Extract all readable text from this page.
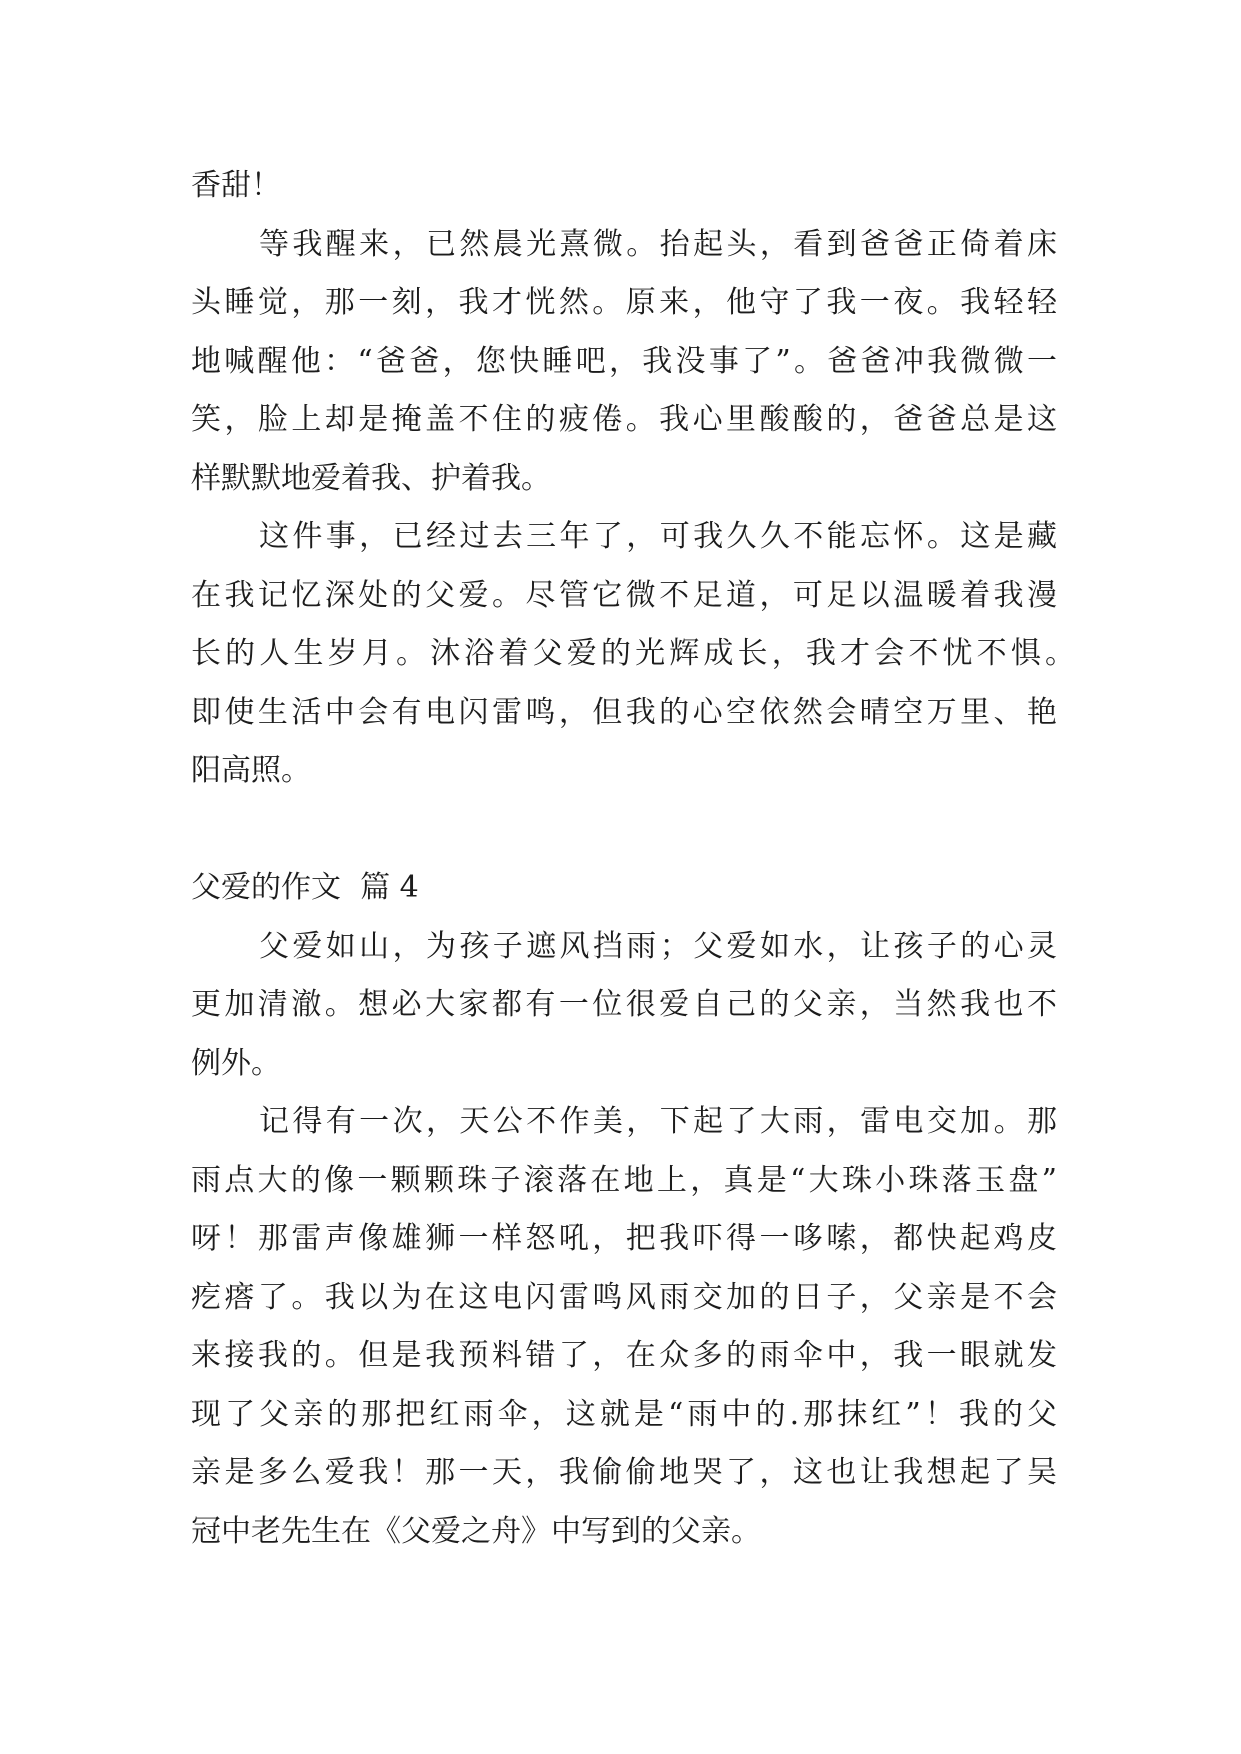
香甜！
等我醒来，已然晨光熹微。抬起头，看到爸爸正倚着床
头睡觉，那一刻，我才恍然。原来，他守了我一夜。我轻轻
地喊醒他：“爸爸，您快睡吧，我没事了”。爸爸冲我微微一
笑，脸上却是掩盖不住的疲倦。我心里酸酸的，爸爸总是这
样默默地爱着我、护着我。
这件事，已经过去三年了，可我久久不能忘怀。这是藏
在我记忆深处的父爱。尽管它微不足道，可足以温暖着我漫
长的人生岁月。沐浴着父爱的光辉成长，我才会不忧不惧。
即使生活中会有电闪雷鸣，但我的心空依然会晴空万里、艳
阳高照。
父爱的作文  篇 4
父爱如山，为孩子遮风挡雨；父爱如水，让孩子的心灵
更加清澈。想必大家都有一位很爱自己的父亲，当然我也不
例外。
记得有一次，天公不作美，下起了大雨，雷电交加。那
雨点大的像一颗颗珠子滚落在地上，真是“大珠小珠落玉盘”
呀！那雷声像雄狮一样怒吼，把我吓得一哆嗦，都快起鸡皮
疙瘩了。我以为在这电闪雷鸣风雨交加的日子，父亲是不会
来接我的。但是我预料错了，在众多的雨伞中，我一眼就发
现了父亲的那把红雨伞，这就是“雨中的.那抹红”！我的父
亲是多么爱我！那一天，我偷偷地哭了，这也让我想起了吴
冠中老先生在《父爱之舟》中写到的父亲。
